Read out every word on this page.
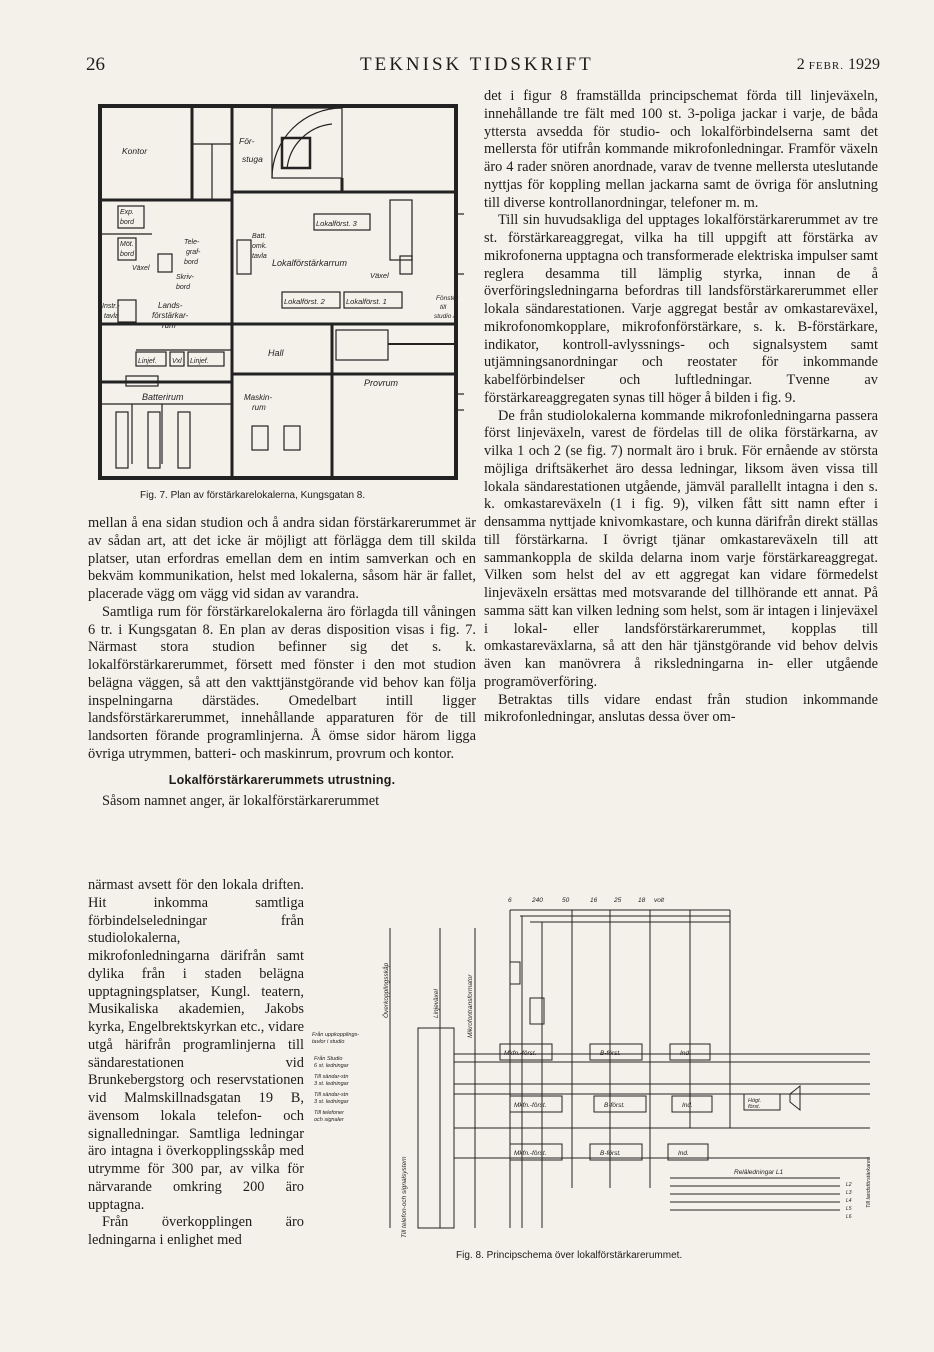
26	TEKNISK TIDSKRIFT	2 FEBR. 1929
Kontor
För-
stuga
Exp.
bord
Möt.
bord
Växel
Tele-
graf-
bord
Skriv-
bord
Instr.-
tavla
Lands-
förstärkar-
rum
Batt.
omk.
tavla
Lokalförstärkarrum
Lokalförst. 3
Lokalförst. 2	Lokalförst. 1
Växel
Fönster
till
studio A
Linjef. Vxl Linjef.
Hall
Provrum
Batterirum	Maskin-
rum
Fig. 7. Plan av förstärkarelokalerna, Kungsgatan 8.

mellan å ena sidan studion och å andra sidan förstärkarerummet är av sådan art, att det icke är möjligt att förlägga dem till skilda platser, utan erfordras emellan dem en intim samverkan och en bekväm kommunikation, helst med lokalerna, såsom här är fallet, placerade vägg om vägg vid sidan av varandra.

Samtliga rum för förstärkarelokalerna äro förlagda till våningen 6 tr. i Kungsgatan 8. En plan av deras disposition visas i fig. 7. Närmast stora studion befinner sig det s. k. lokalförstärkarerummet, försett med fönster i den mot studion belägna väggen, så att den vakttjänstgörande vid behov kan följa inspelningarna därstädes. Omedelbart intill ligger landsförstärkarerummet, innehållande apparaturen för de till landsorten förande programlinjerna. Å ömse sidor härom ligga övriga utrymmen, batteri- och maskinrum, provrum och kontor.

Lokalförstärkarerummets utrustning.

Såsom namnet anger, är lokalförstärkarerummet

närmast avsett för den lokala driften. Hit inkomma samtliga förbindelseledningar från studiolokalerna, mikrofonledningarna därifrån samt dylika från i staden belägna upptagningsplatser, Kungl. teatern, Musikaliska akademien, Jakobs kyrka, Engelbrektskyrkan etc., vidare utgå härifrån programlinjerna till sändarestationen vid Brunkebergstorg och reservstationen vid Malmskillnadsgatan 19 B, ävensom lokala telefon- och signalledningar. Samtliga ledningar äro intagna i överkopplingsskåp med utrymme för 300 par, av vilka för närvarande omkring 200 äro upptagna.

Från överkopplingen äro ledningarna i enlighet med

det i figur 8 framställda principschemat förda till linjeväxeln, innehållande tre fält med 100 st. 3-poliga jackar i varje, de båda yttersta avsedda för studio- och lokalförbindelserna samt det mellersta för utifrån kommande mikrofonledningar. Framför växeln äro 4 rader snören anordnade, varav de tvenne mellersta uteslutande nyttjas för koppling mellan jackarna samt de övriga för anslutning till diverse kontrollanordningar, telefoner m. m.

Till sin huvudsakliga del upptages lokalförstärkarerummet av tre st. förstärkareaggregat, vilka ha till uppgift att förstärka av mikrofonerna upptagna och transformerade elektriska impulser samt reglera desamma till lämplig styrka, innan de å överföringsledningarna befordras till landsförstärkarerummet eller lokala sändarestationen. Varje aggregat består av omkastareväxel, mikrofonomkopplare, mikrofonförstärkare, s. k. B-förstärkare, indikator, kontroll-avlyssnings- och signalsystem samt utjämningsanordningar och reostater för inkommande kabelförbindelser och luftledningar. Tvenne av förstärkareaggregaten synas till höger å bilden i fig. 9.

De från studiolokalerna kommande mikrofonledningarna passera först linjeväxeln, varest de fördelas till de olika förstärkarna, av vilka 1 och 2 (se fig. 7) normalt äro i bruk. För ernående av största möjliga driftsäkerhet äro dessa ledningar, liksom även vissa till lokala sändarestationen utgående, jämväl parallellt intagna i den s. k. omkastareväxeln (1 i fig. 9), vilken fått sitt namn efter i densamma nyttjade knivomkastare, och kunna därifrån direkt ställas till förstärkarna. I övrigt tjänar omkastareväxeln till att sammankoppla de skilda delarna inom varje förstärkareaggregat. Vilken som helst del av ett aggregat kan vidare förmedelst linjeväxeln ersättas med motsvarande del tillhörande ett annat. På samma sätt kan vilken ledning som helst, som är intagen i linjeväxel i lokal- eller landsförstärkarerummet, kopplas till omkastareväxlarna, så att den här tjänstgörande vid behov delvis även kan manövrera å riksledningarna in- eller utgående programöverföring.

Betraktas tills vidare endast från studion inkommande mikrofonledningar, anslutas dessa över om-

6	240	50	16	25	18 volt
Överkopplingsskåp	Linjeväxel	Mikrofontransformator
Till telefon-och signalsystem
Från uppkopplings-
tavlor i studio
Från Studio
6 st. ledningar
Till sändar-stn
3 st. ledningar
Till sändar-stn
3 st. ledningar
Till telefoner
och signaler
Mkfn.-först.	B-först.	Ind.
Mkfn.-först.	B-först.	Ind.
Mkfn.-först.	B-först.	Ind.
Högt.
först.
Reläledningar L1
L2
L3
L4
L5
L6
Till landsförstärkaren
Fig. 8. Principschema över lokalförstärkarerummet.
